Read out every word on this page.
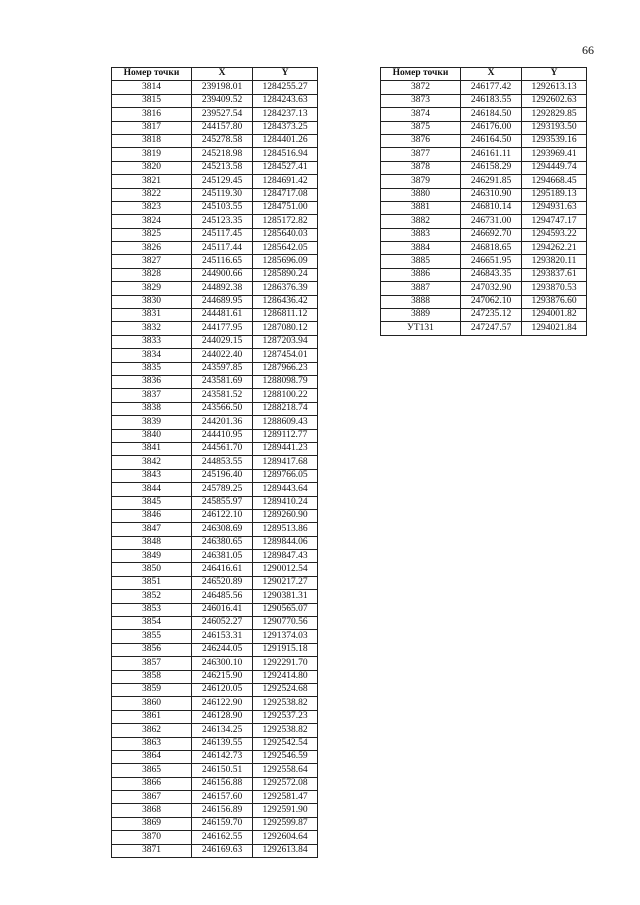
66
Номер точки	X	Y
3814	239198.01	1284255.27
3815	239409.52	1284243.63
3816	239527.54	1284237.13
3817	244157.80	1284373.25
3818	245278.58	1284401.26
3819	245218.98	1284516.94
3820	245213.58	1284527.41
3821	245129.45	1284691.42
3822	245119.30	1284717.08
3823	245103.55	1284751.00
3824	245123.35	1285172.82
3825	245117.45	1285640.03
3826	245117.44	1285642.05
3827	245116.65	1285696.09
3828	244900.66	1285890.24
3829	244892.38	1286376.39
3830	244689.95	1286436.42
3831	244481.61	1286811.12
3832	244177.95	1287080.12
3833	244029.15	1287203.94
3834	244022.40	1287454.01
3835	243597.85	1287966.23
3836	243581.69	1288098.79
3837	243581.52	1288100.22
3838	243566.50	1288218.74
3839	244201.36	1288609.43
3840	244410.95	1289112.77
3841	244561.70	1289441.23
3842	244853.55	1289417.68
3843	245196.40	1289766.05
3844	245789.25	1289443.64
3845	245855.97	1289410.24
3846	246122.10	1289260.90
3847	246308.69	1289513.86
3848	246380.65	1289844.06
3849	246381.05	1289847.43
3850	246416.61	1290012.54
3851	246520.89	1290217.27
3852	246485.56	1290381.31
3853	246016.41	1290565.07
3854	246052.27	1290770.56
3855	246153.31	1291374.03
3856	246244.05	1291915.18
3857	246300.10	1292291.70
3858	246215.90	1292414.80
3859	246120.05	1292524.68
3860	246122.90	1292538.82
3861	246128.90	1292537.23
3862	246134.25	1292538.82
3863	246139.55	1292542.54
3864	246142.73	1292546.59
3865	246150.51	1292558.64
3866	246156.88	1292572.08
3867	246157.60	1292581.47
3868	246156.89	1292591.90
3869	246159.70	1292599.87
3870	246162.55	1292604.64
3871	246169.63	1292613.84
Номер точки	X	Y
3872	246177.42	1292613.13
3873	246183.55	1292602.63
3874	246184.50	1292829.85
3875	246176.00	1293193.50
3876	246164.50	1293539.16
3877	246161.11	1293969.41
3878	246158.29	1294449.74
3879	246291.85	1294668.45
3880	246310.90	1295189.13
3881	246810.14	1294931.63
3882	246731.00	1294747.17
3883	246692.70	1294593.22
3884	246818.65	1294262.21
3885	246651.95	1293820.11
3886	246843.35	1293837.61
3887	247032.90	1293870.53
3888	247062.10	1293876.60
3889	247235.12	1294001.82
УТ131	247247.57	1294021.84
